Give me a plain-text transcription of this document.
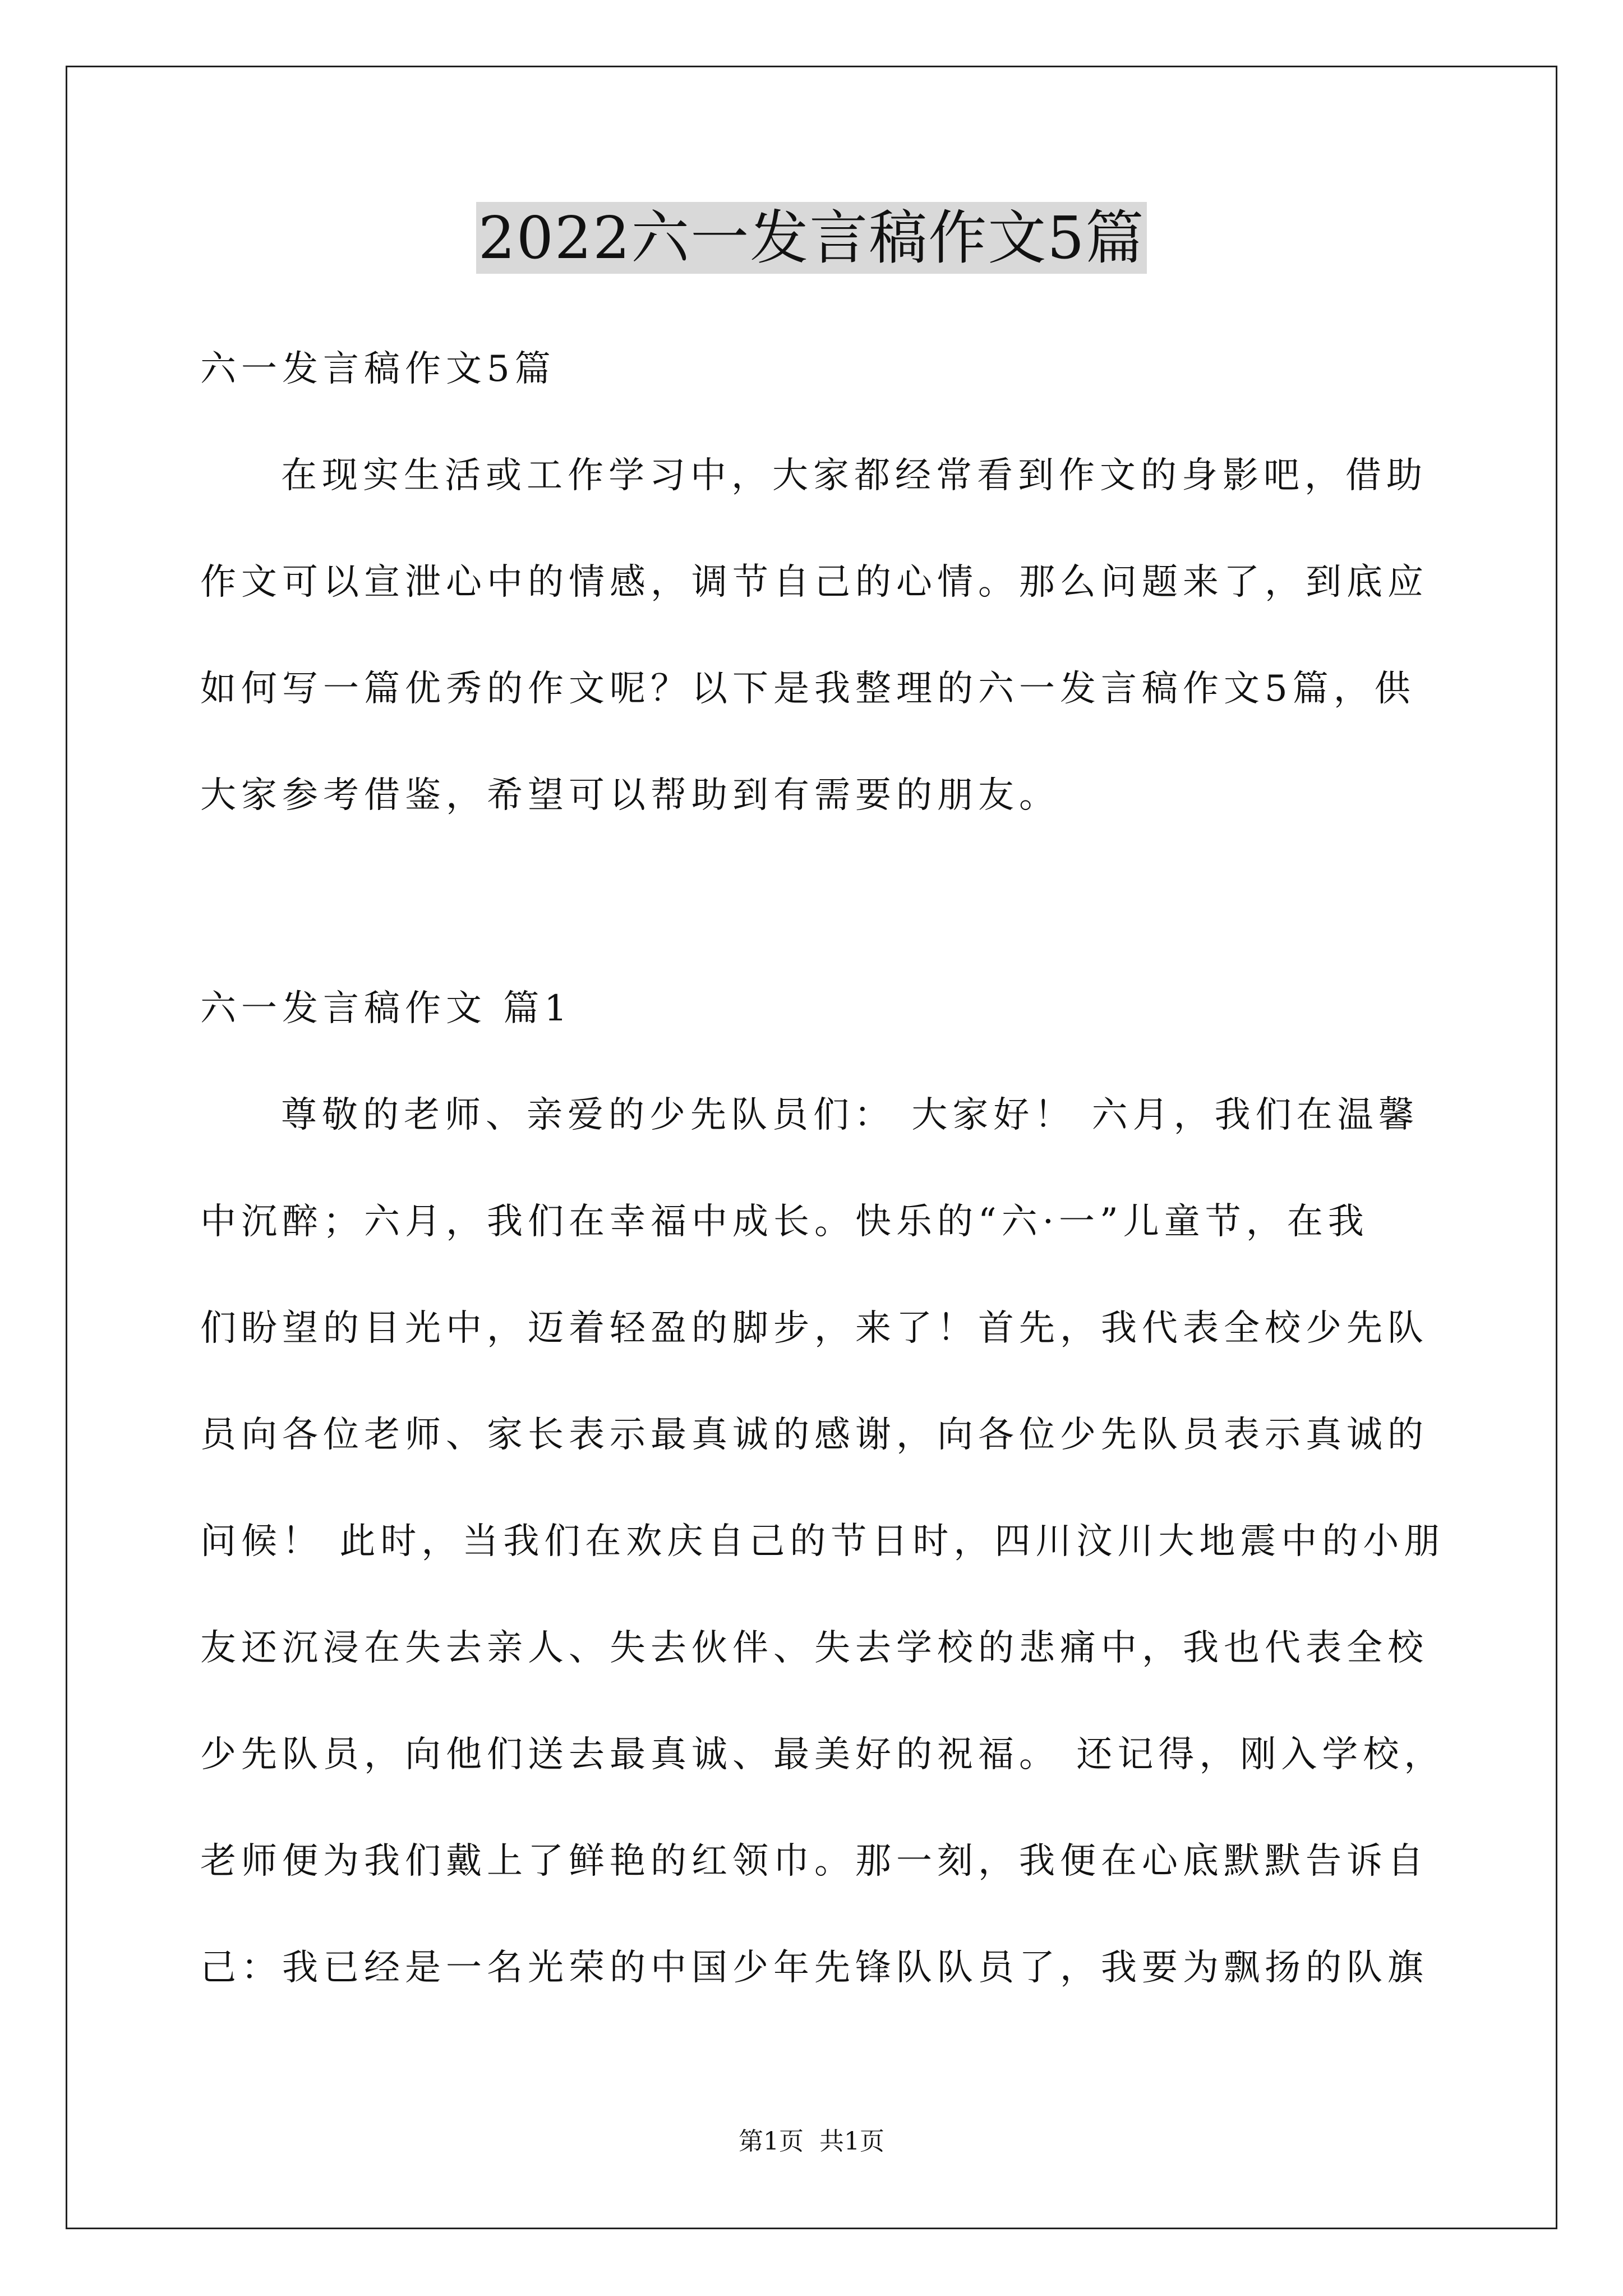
2022六一发言稿作文5篇
六一发言稿作文5篇
在现实生活或工作学习中，大家都经常看到作文的身影吧，借助
作文可以宣泄心中的情感，调节自己的心情。那么问题来了，到底应
如何写一篇优秀的作文呢？以下是我整理的六一发言稿作文5篇，供
大家参考借鉴，希望可以帮助到有需要的朋友。
六一发言稿作文 篇1
尊敬的老师、亲爱的少先队员们： 大家好！ 六月，我们在温馨
中沉醉；六月，我们在幸福中成长。快乐的“六·一”儿童节，在我
们盼望的目光中，迈着轻盈的脚步，来了！首先，我代表全校少先队
员向各位老师、家长表示最真诚的感谢，向各位少先队员表示真诚的
问候！ 此时，当我们在欢庆自己的节日时，四川汶川大地震中的小朋
友还沉浸在失去亲人、失去伙伴、失去学校的悲痛中，我也代表全校
少先队员，向他们送去最真诚、最美好的祝福。 还记得，刚入学校，
老师便为我们戴上了鲜艳的红领巾。那一刻，我便在心底默默告诉自
己：我已经是一名光荣的中国少年先锋队队员了，我要为飘扬的队旗
第1页 共1页
